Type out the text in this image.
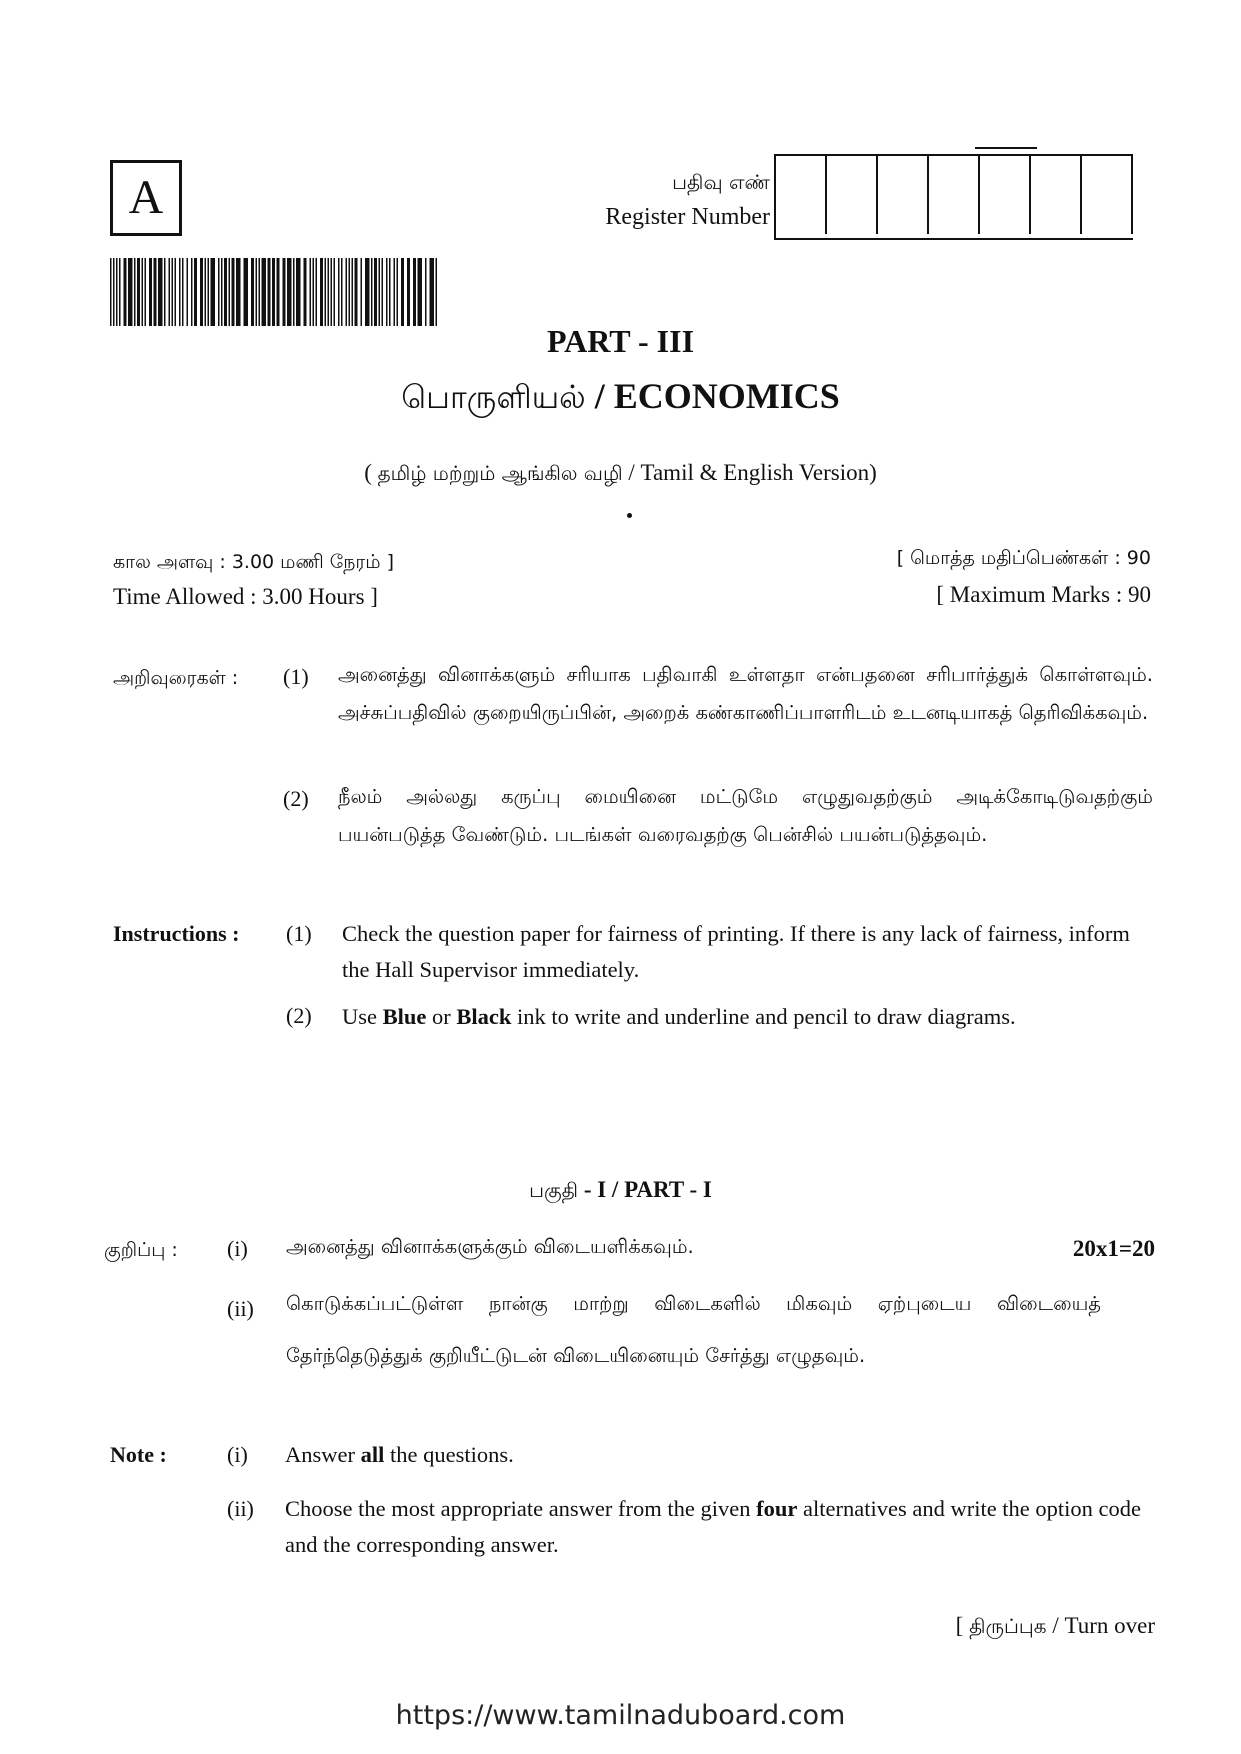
A	பதிவு எண்
Register Number
PART - III
பொருளியல் / ECONOMICS
( தமிழ் மற்றும் ஆங்கில வழி / Tamil & English Version)
கால அளவு : 3.00 மணி நேரம் ]
Time Allowed : 3.00 Hours ]
[ மொத்த மதிப்பெண்கள் : 90
[ Maximum Marks : 90
அறிவுரைகள் : (1) அனைத்து வினாக்களும் சரியாக பதிவாகி உள்ளதா என்பதனை சரிபார்த்துக் கொள்ளவும். அச்சுப்பதிவில் குறையிருப்பின், அறைக் கண்காணிப்பாளரிடம் உடனடியாகத் தெரிவிக்கவும்.
(2) நீலம் அல்லது கருப்பு மையினை மட்டுமே எழுதுவதற்கும் அடிக்கோடிடுவதற்கும் பயன்படுத்த வேண்டும். படங்கள் வரைவதற்கு பென்சில் பயன்படுத்தவும்.
Instructions : (1) Check the question paper for fairness of printing. If there is any lack of fairness, inform the Hall Supervisor immediately.
(2) Use Blue or Black ink to write and underline and pencil to draw diagrams.
பகுதி - I / PART - I
குறிப்பு : (i) அனைத்து வினாக்களுக்கும் விடையளிக்கவும்.	20x1=20
(ii) கொடுக்கப்பட்டுள்ள நான்கு மாற்று விடைகளில் மிகவும் ஏற்புடைய விடையைத் தேர்ந்தெடுத்துக் குறியீட்டுடன் விடையினையும் சேர்த்து எழுதவும்.
Note :	(i) Answer all the questions.
(ii) Choose the most appropriate answer from the given four alternatives and write the option code and the corresponding answer.
[ திருப்புக / Turn over
https://www.tamilnaduboard.com
